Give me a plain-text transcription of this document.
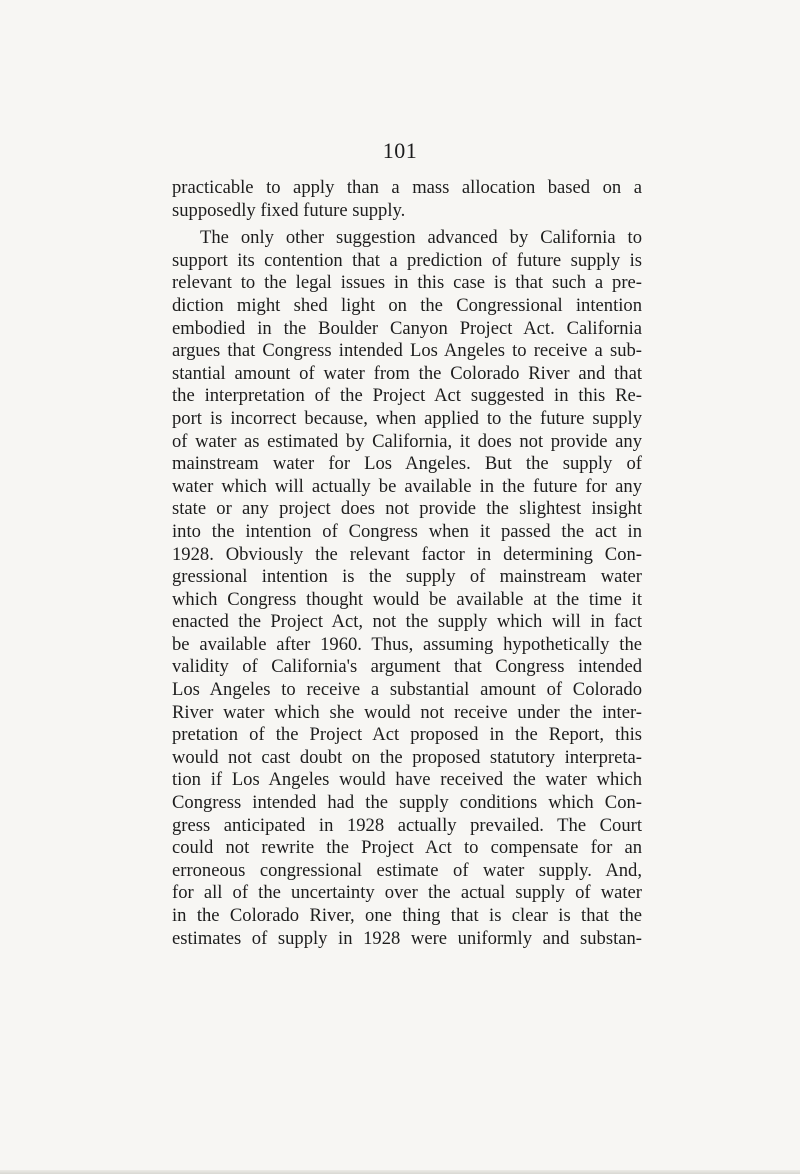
101
practicable to apply than a mass allocation based on a
supposedly fixed future supply.
The only other suggestion advanced by California to
support its contention that a prediction of future supply is
relevant to the legal issues in this case is that such a pre-
diction might shed light on the Congressional intention
embodied in the Boulder Canyon Project Act. California
argues that Congress intended Los Angeles to receive a sub-
stantial amount of water from the Colorado River and that
the interpretation of the Project Act suggested in this Re-
port is incorrect because, when applied to the future supply
of water as estimated by California, it does not provide any
mainstream water for Los Angeles. But the supply of
water which will actually be available in the future for any
state or any project does not provide the slightest insight
into the intention of Congress when it passed the act in
1928. Obviously the relevant factor in determining Con-
gressional intention is the supply of mainstream water
which Congress thought would be available at the time it
enacted the Project Act, not the supply which will in fact
be available after 1960. Thus, assuming hypothetically the
validity of California's argument that Congress intended
Los Angeles to receive a substantial amount of Colorado
River water which she would not receive under the inter-
pretation of the Project Act proposed in the Report, this
would not cast doubt on the proposed statutory interpreta-
tion if Los Angeles would have received the water which
Congress intended had the supply conditions which Con-
gress anticipated in 1928 actually prevailed. The Court
could not rewrite the Project Act to compensate for an
erroneous congressional estimate of water supply. And,
for all of the uncertainty over the actual supply of water
in the Colorado River, one thing that is clear is that the
estimates of supply in 1928 were uniformly and substan-
